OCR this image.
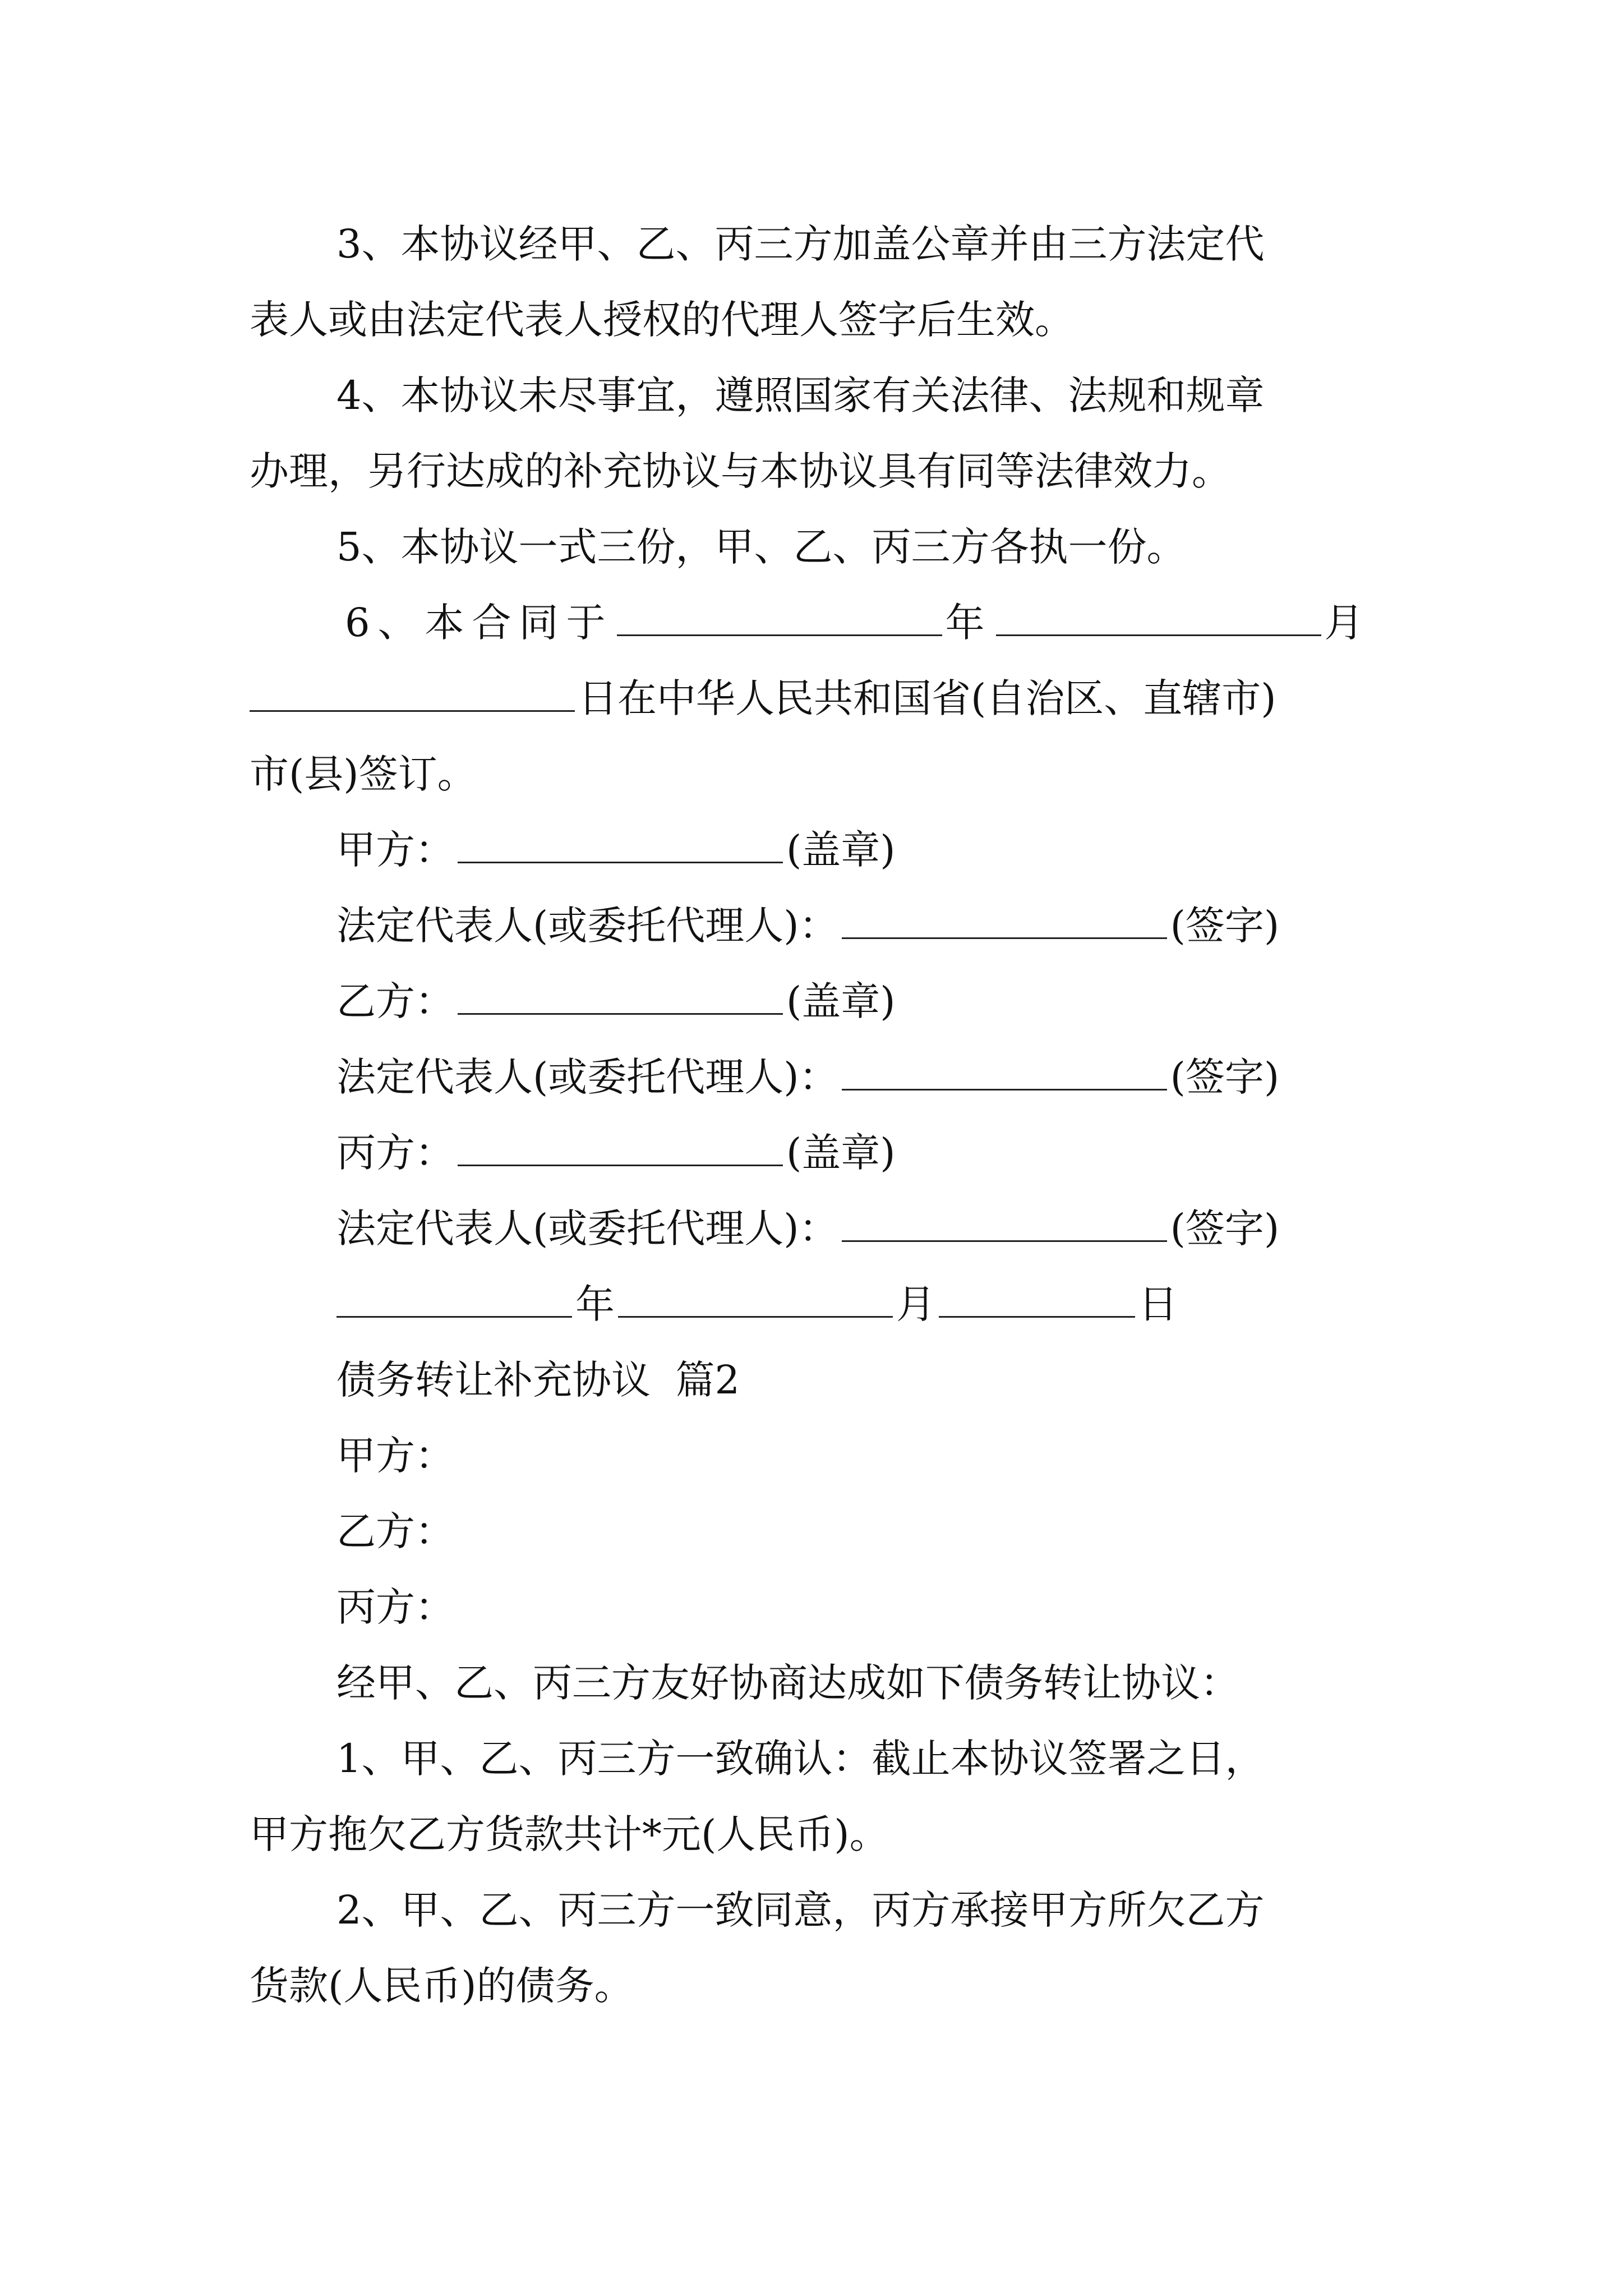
3、本协议经甲、乙、丙三方加盖公章并由三方法定代
表人或由法定代表人授权的代理人签字后生效。
4、本协议未尽事宜，遵照国家有关法律、法规和规章
办理，另行达成的补充协议与本协议具有同等法律效力。
5、本协议一式三份，甲、乙、丙三方各执一份。
6、本合同于	年	月
日在中华人民共和国省(自治区、直辖市)
市(县)签订。
甲方：	(盖章)
法定代表人(或委托代理人)：	(签字)
乙方：	(盖章)
法定代表人(或委托代理人)：	(签字)
丙方：	(盖章)
法定代表人(或委托代理人)：	(签字)
年	月	日
债务转让补充协议  篇2
甲方：
乙方：
丙方：
经甲、乙、丙三方友好协商达成如下债务转让协议：
1、甲、乙、丙三方一致确认：截止本协议签署之日，
甲方拖欠乙方货款共计*元(人民币)。
2、甲、乙、丙三方一致同意，丙方承接甲方所欠乙方
货款(人民币)的债务。
